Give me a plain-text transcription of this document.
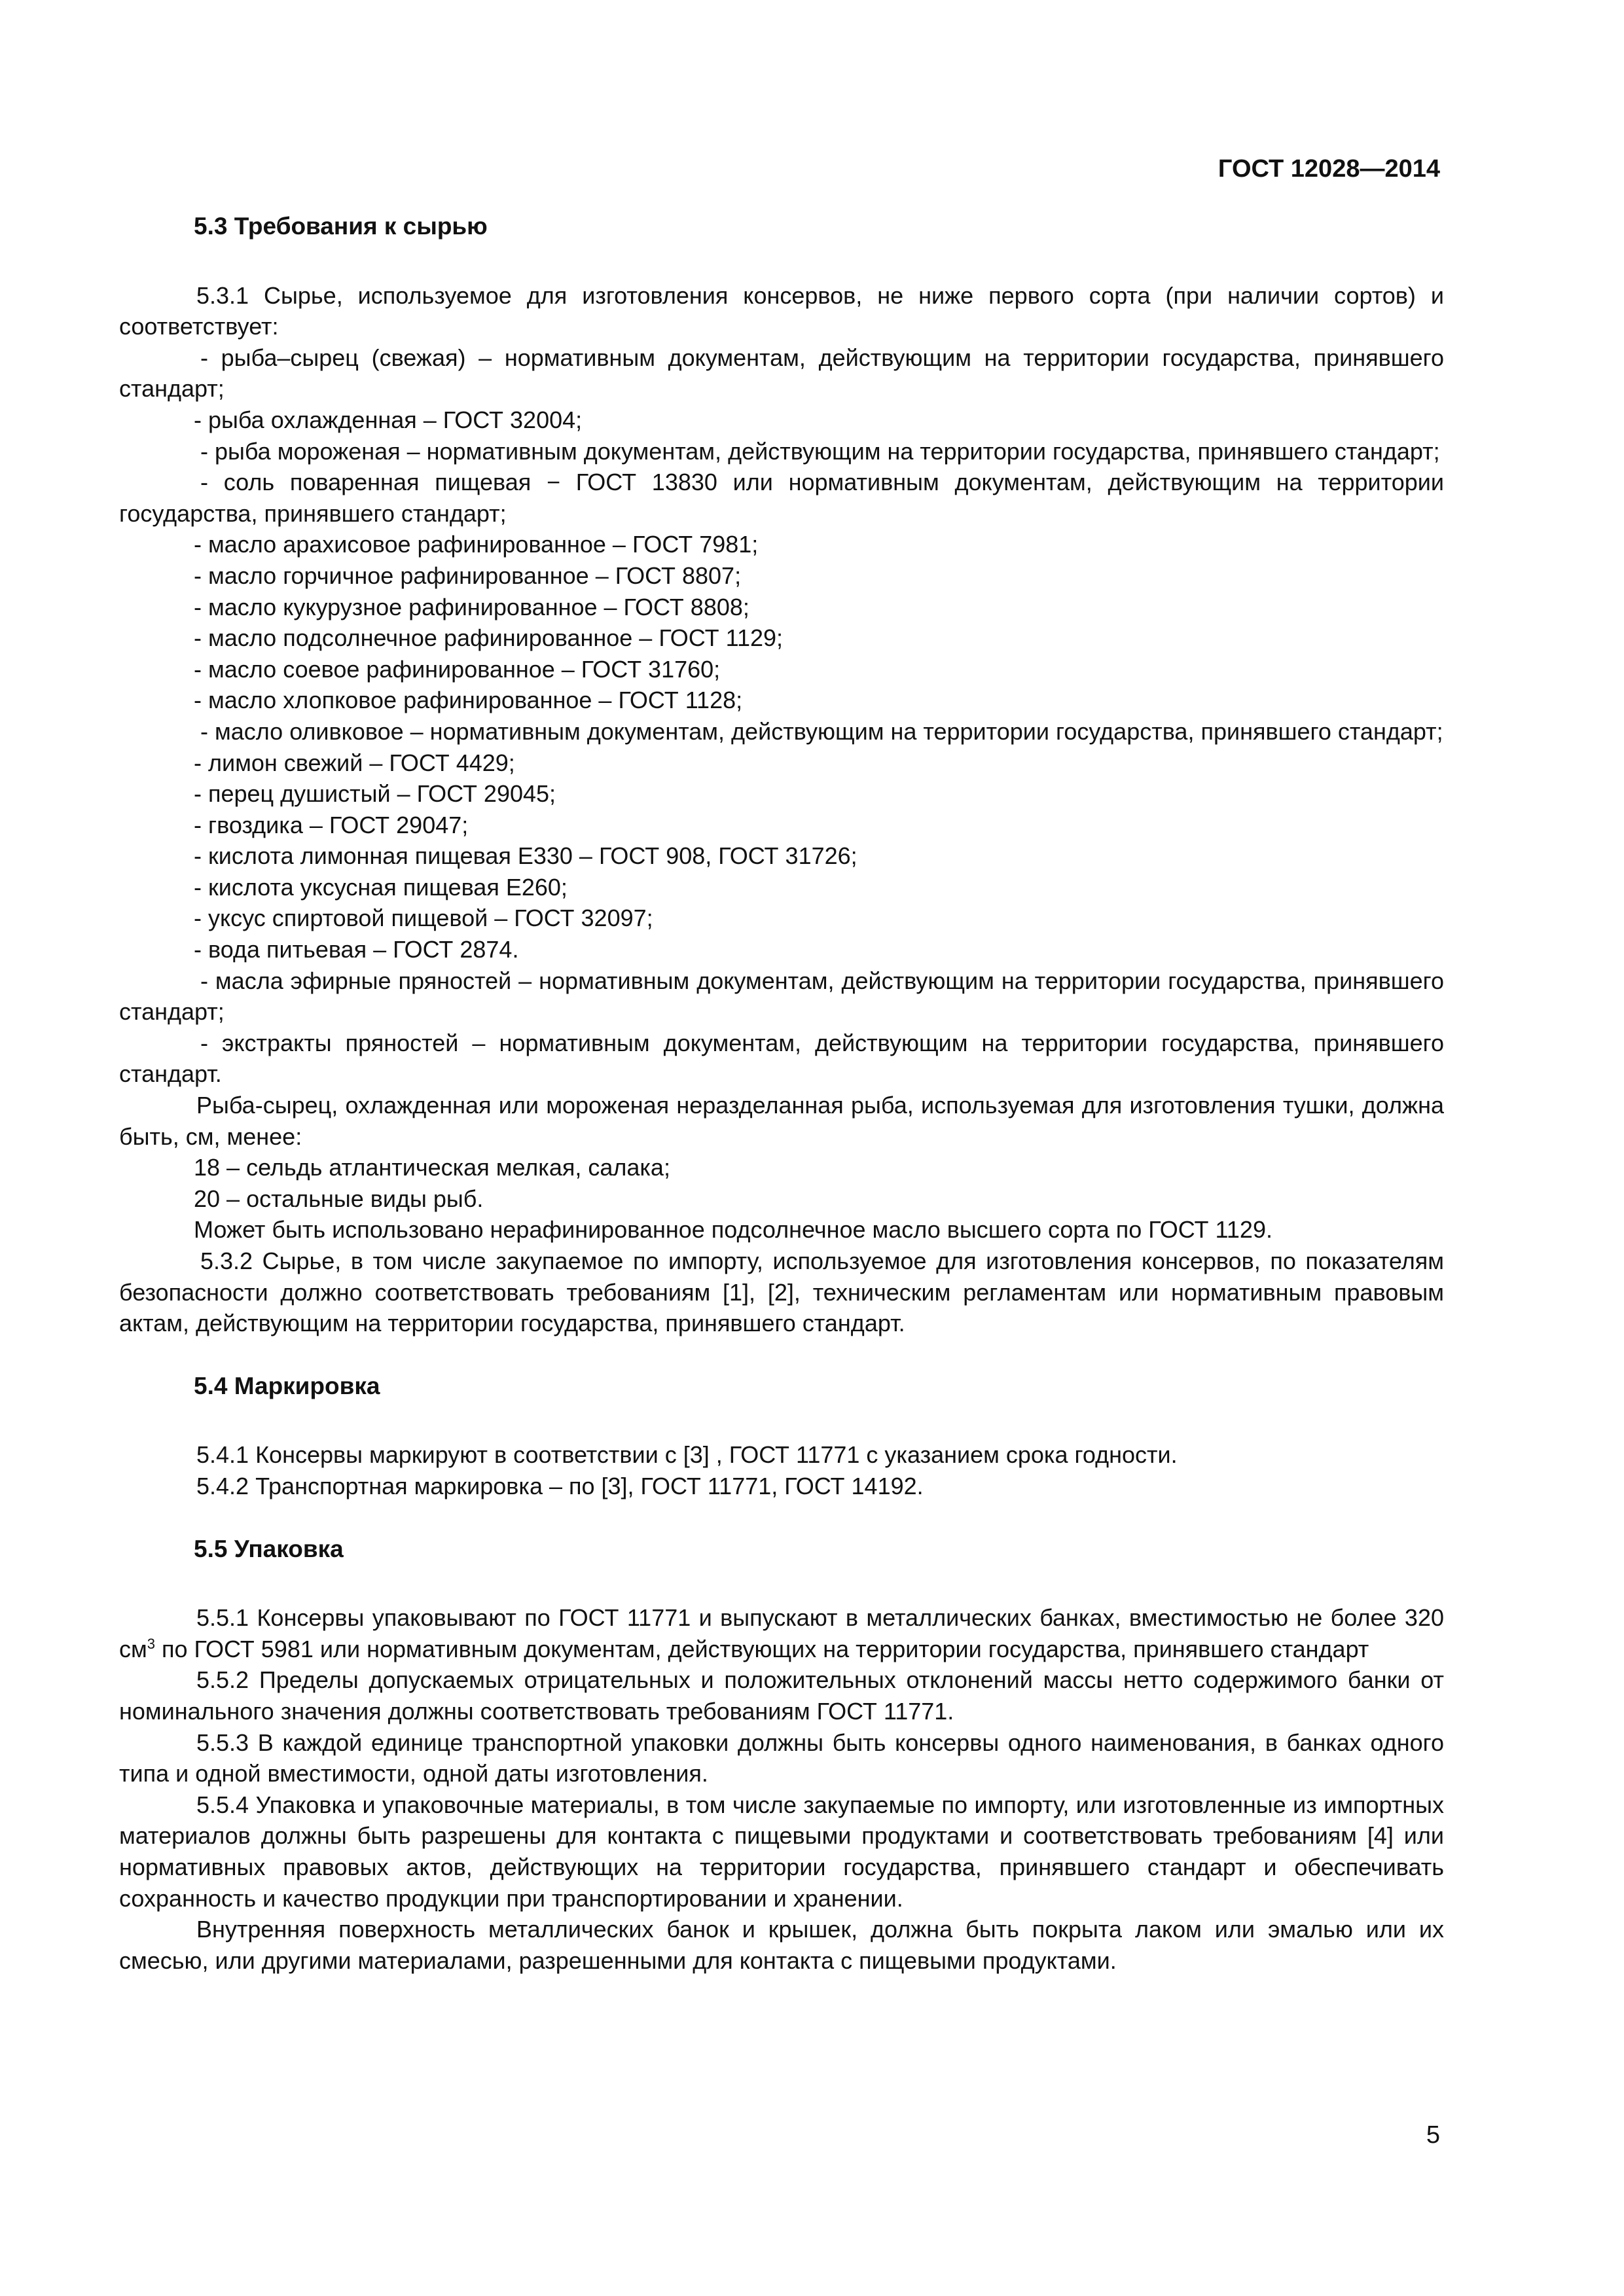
ГОСТ 12028—2014

5.3 Требования к сырью

5.3.1 Сырье, используемое для изготовления консервов, не ниже первого сорта (при наличии сортов) и соответствует:

- рыба–сырец (свежая) – нормативным документам, действующим на территории государства, принявшего стандарт;

- рыба охлажденная – ГОСТ 32004;

- рыба мороженая – нормативным документам, действующим на территории государства, принявшего стандарт;

- соль поваренная пищевая − ГОСТ 13830 или нормативным документам, действующим на территории государства, принявшего стандарт;

- масло арахисовое рафинированное – ГОСТ 7981;

- масло горчичное рафинированное – ГОСТ 8807;

- масло кукурузное рафинированное – ГОСТ 8808;

- масло подсолнечное рафинированное – ГОСТ 1129;

- масло соевое рафинированное – ГОСТ 31760;

- масло хлопковое рафинированное – ГОСТ 1128;

- масло оливковое – нормативным документам, действующим на территории государства, принявшего стандарт;

- лимон свежий – ГОСТ 4429;

- перец душистый – ГОСТ 29045;

- гвоздика – ГОСТ 29047;

- кислота лимонная пищевая Е330 – ГОСТ 908, ГОСТ 31726;

- кислота уксусная пищевая Е260;

- уксус спиртовой пищевой – ГОСТ 32097;

- вода питьевая – ГОСТ 2874.

- масла эфирные пряностей – нормативным документам, действующим на территории государства, принявшего стандарт;

- экстракты пряностей – нормативным документам, действующим на территории государства, принявшего стандарт.

Рыба-сырец, охлажденная или мороженая неразделанная рыба, используемая для изготовления тушки, должна быть, см, менее:

18 – сельдь атлантическая мелкая, салака;

20 – остальные виды рыб.

Может быть использовано нерафинированное подсолнечное масло высшего сорта по ГОСТ 1129.

5.3.2 Сырье, в том числе закупаемое по импорту, используемое для изготовления консервов, по показателям безопасности должно соответствовать требованиям [1], [2], техническим регламентам или нормативным правовым актам, действующим на территории государства, принявшего стандарт.

5.4 Маркировка

5.4.1 Консервы маркируют в соответствии с [3] , ГОСТ 11771 с указанием срока годности.

5.4.2 Транспортная маркировка – по [3], ГОСТ 11771, ГОСТ 14192.

5.5 Упаковка

5.5.1 Консервы упаковывают по ГОСТ 11771 и выпускают в металлических банках, вместимостью не более 320 $см^3$ по ГОСТ 5981 или нормативным документам, действующих на территории государства, принявшего стандарт

5.5.2 Пределы допускаемых отрицательных и положительных отклонений массы нетто содержимого банки от номинального значения должны соответствовать требованиям ГОСТ 11771.

5.5.3 В каждой единице транспортной упаковки должны быть консервы одного наименования, в банках одного типа и одной вместимости, одной даты изготовления.

5.5.4 Упаковка и упаковочные материалы, в том числе закупаемые по импорту, или изготовленные из импортных материалов должны быть разрешены для контакта с пищевыми продуктами и соответствовать требованиям [4] или нормативных правовых актов, действующих на территории государства, принявшего стандарт и обеспечивать сохранность и качество продукции при транспортировании и хранении.

Внутренняя поверхность металлических банок и крышек, должна быть покрыта лаком или эмалью или их смесью, или другими материалами, разрешенными для контакта с пищевыми продуктами.

5
